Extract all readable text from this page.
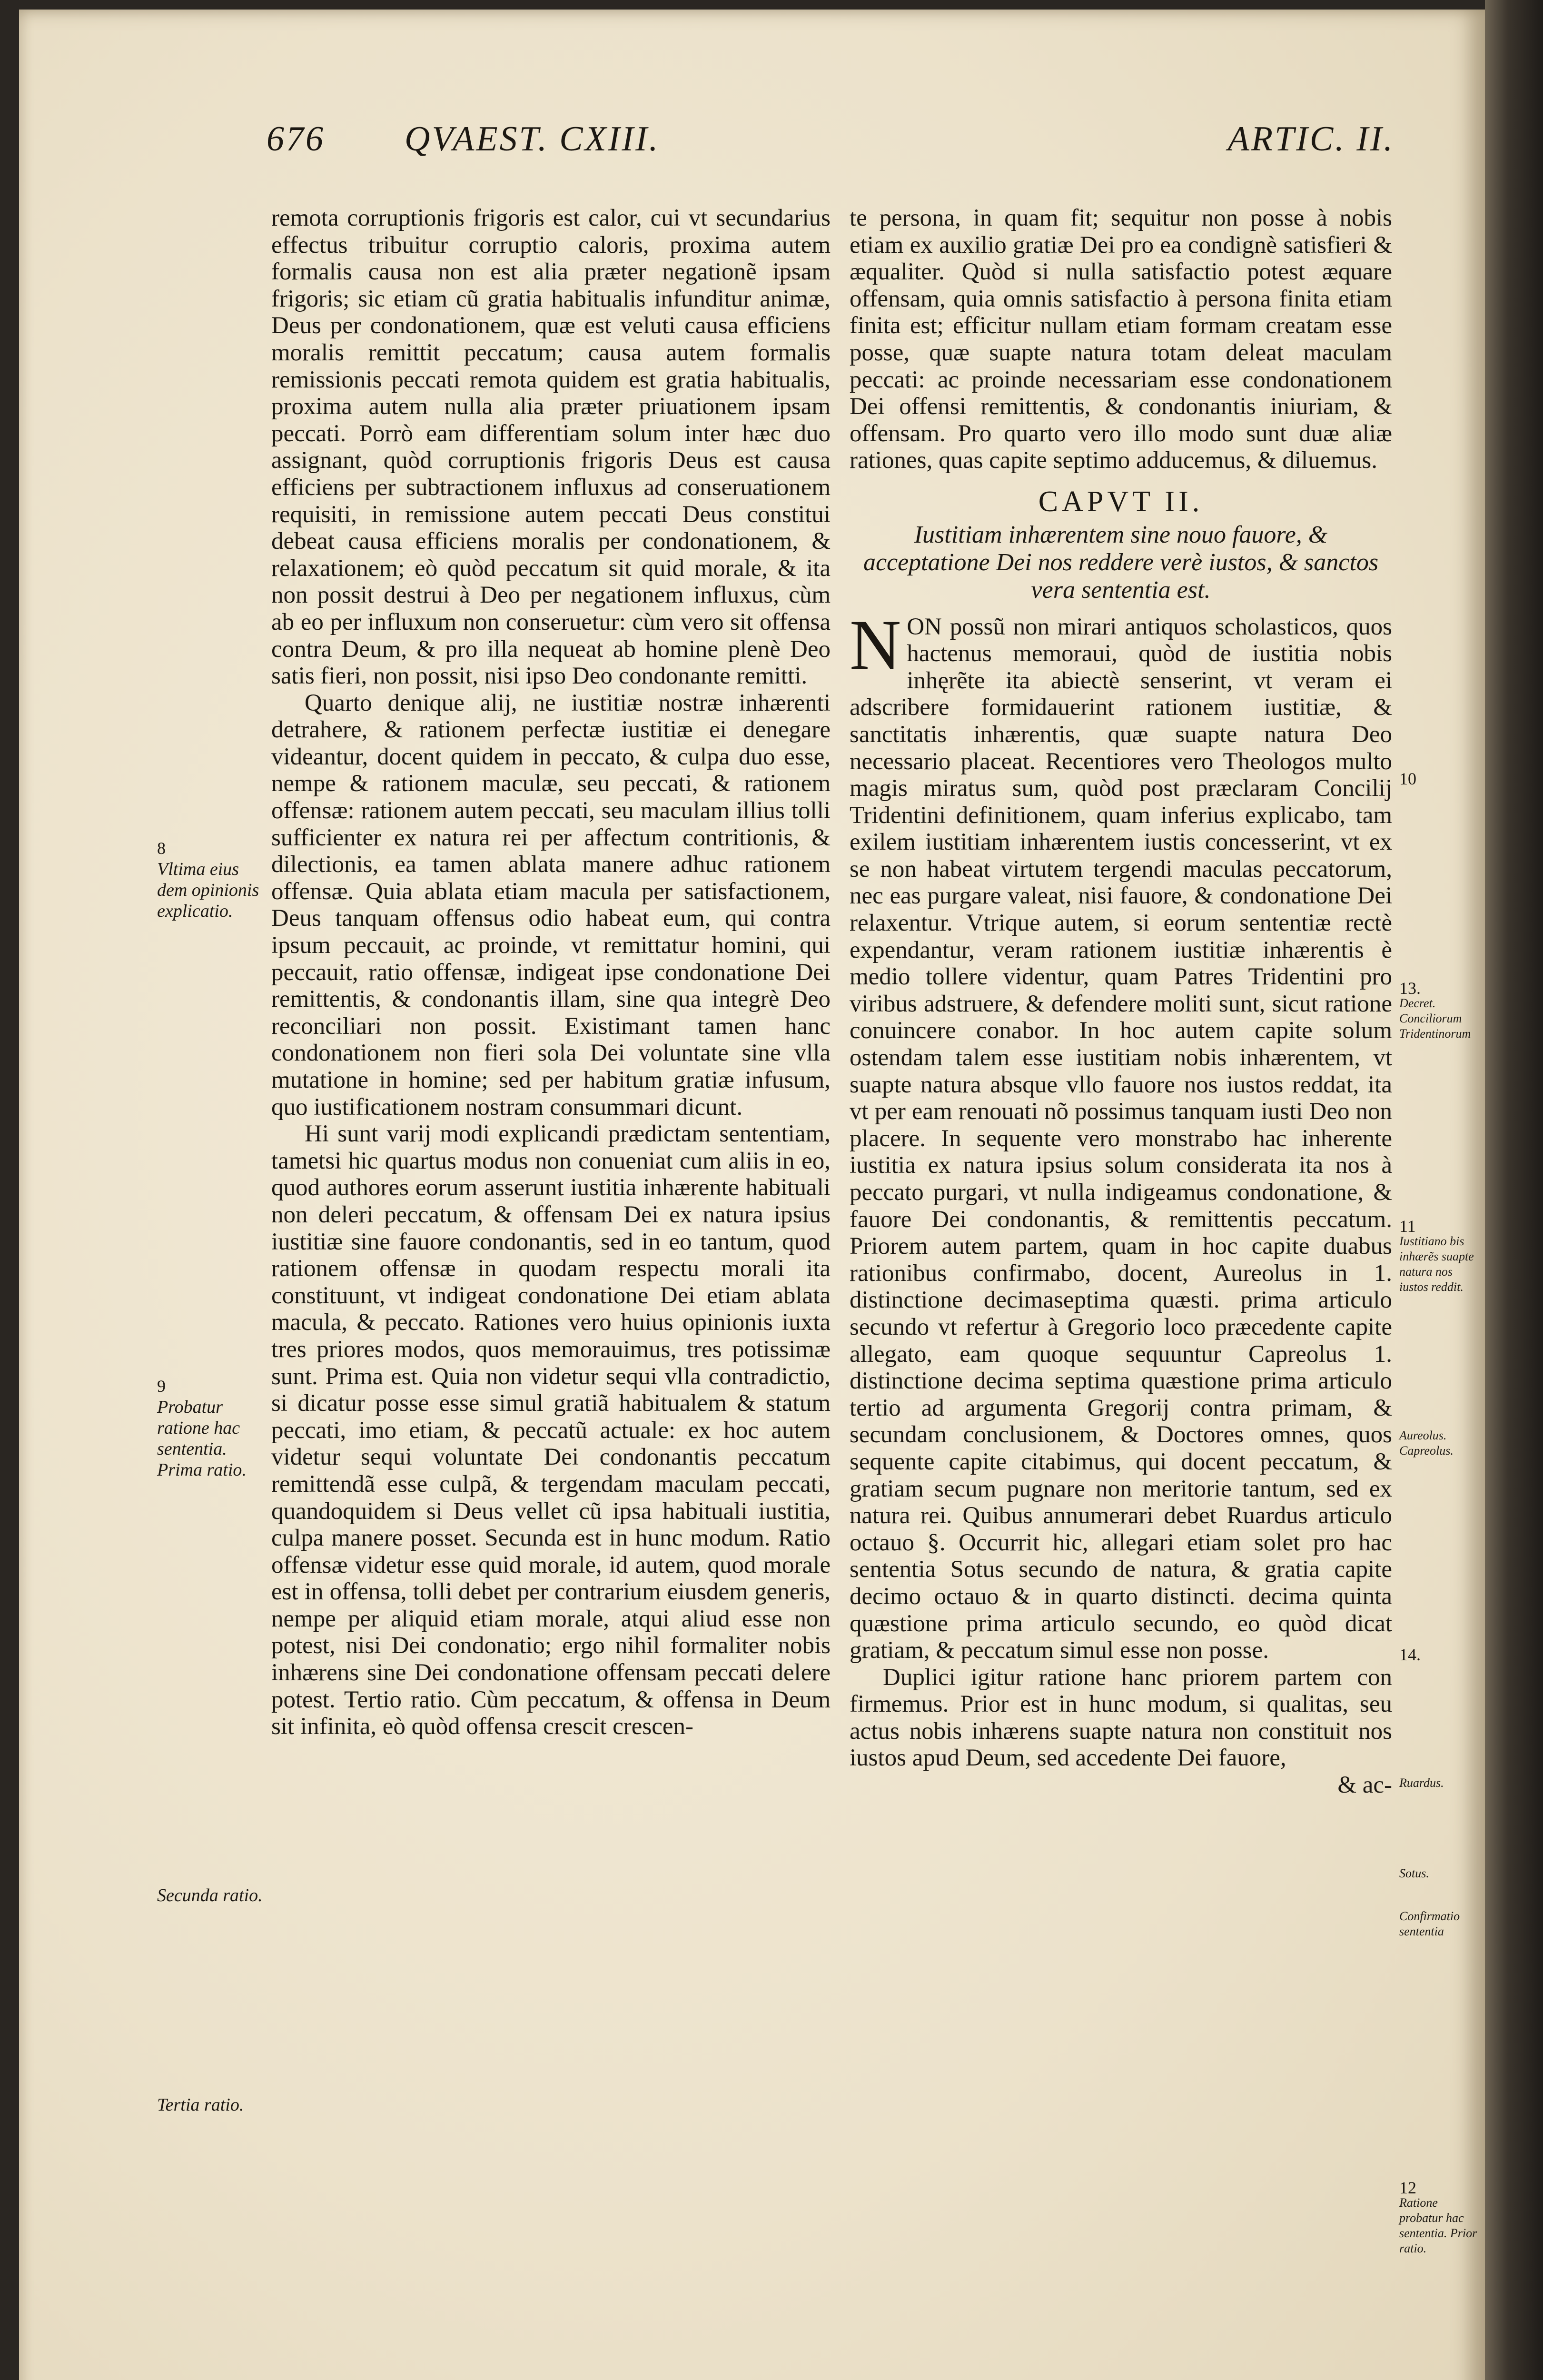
676 QVAEST. CXIII.	ARTIC. II.

remota corruptionis frigoris est calor, cui vt secundarius effectus tribuitur corruptio caloris, proxima autem formalis causa non est alia præter negationẽ ipsam frigoris; sic etiam cũ gratia habitualis infunditur animæ, Deus per condonationem, quæ est veluti causa efficiens moralis remittit peccatum; causa autem formalis remissionis peccati remota quidem est gratia habitualis, proxima autem nulla alia præter priuationem ipsam peccati. Porrò eam differentiam solum inter hæc duo assignant, quòd corruptionis frigoris Deus est causa efficiens per subtractionem influxus ad conseruationem requisiti, in remissione autem peccati Deus constitui debeat causa efficiens moralis per condonationem, & relaxationem; eò quòd peccatum sit quid morale, & ita non possit destrui à Deo per negationem influxus, cùm ab eo per influxum non conseruetur: cùm vero sit offensa contra Deum, & pro illa nequeat ab homine plenè Deo satis fieri, non possit, nisi ipso Deo condonante remitti.

Quarto denique alij, ne iustitiæ nostræ inhærenti detrahere, & rationem perfectæ iustitiæ ei denegare videantur, docent quidem in peccato, & culpa duo esse, nempe & rationem maculæ, seu peccati, & rationem offensæ: rationem autem peccati, seu maculam illius tolli sufficienter ex natura rei per affectum contritionis, & dilectionis, ea tamen ablata manere adhuc rationem offensæ. Quia ablata etiam macula per satisfactionem, Deus tanquam offensus odio habeat eum, qui contra ipsum peccauit, ac proinde, vt remittatur homini, qui peccauit, ratio offensæ, indigeat ipse condonatione Dei remittentis, & condonantis illam, sine qua integrè Deo reconciliari non possit. Existimant tamen hanc condonationem non fieri sola Dei voluntate sine vlla mutatione in homine; sed per habitum gratiæ infusum, quo iustificationem nostram consummari dicunt.

Hi sunt varij modi explicandi prædictam sententiam, tametsi hic quartus modus non conueniat cum aliis in eo, quod authores eorum asserunt iustitia inhærente habituali non deleri peccatum, & offensam Dei ex natura ipsius iustitiæ sine fauore condonantis, sed in eo tantum, quod rationem offensæ in quodam respectu morali ita constituunt, vt indigeat condonatione Dei etiam ablata macula, & peccato. Rationes vero huius opinionis iuxta tres priores modos, quos memorauimus, tres potissimæ sunt. Prima est. Quia non videtur sequi vlla contradictio, si dicatur posse esse simul gratiã habitualem & statum peccati, imo etiam, & peccatũ actuale: ex hoc autem videtur sequi voluntate Dei condonantis peccatum remittendã esse culpã, & tergendam maculam peccati, quandoquidem si Deus vellet cũ ipsa habituali iustitia, culpa manere posset. Secunda est in hunc modum. Ratio offensæ videtur esse quid morale, id autem, quod morale est in offensa, tolli debet per contrarium eiusdem generis, nempe per aliquid etiam morale, atqui aliud esse non potest, nisi Dei condonatio; ergo nihil formaliter nobis inhærens sine Dei condonatione offensam peccati delere potest. Tertio ratio. Cùm peccatum, & offensa in Deum sit infinita, eò quòd offensa crescit crescen-

te persona, in quam fit; sequitur non posse à nobis etiam ex auxilio gratiæ Dei pro ea condignè satisfieri & æqualiter. Quòd si nulla satisfactio potest æquare offensam, quia omnis satisfactio à persona finita etiam finita est; efficitur nullam etiam formam creatam esse posse, quæ suapte natura totam deleat maculam peccati: ac proinde necessariam esse condonationem Dei offensi remittentis, & condonantis iniuriam, & offensam. Pro quarto vero illo modo sunt duæ aliæ rationes, quas capite septimo adducemus, & diluemus.

CAPVT II.
Iustitiam inhærentem sine nouo fauore, & acceptatione Dei nos reddere verè iustos, & sanctos vera sententia est.

NON possũ non mirari antiquos scholasticos, quos hactenus memoraui, quòd de iustitia nobis inhęrẽte ita abiectè senserint, vt veram ei adscribere formidauerint rationem iustitiæ, & sanctitatis inhærentis, quæ suapte natura Deo necessario placeat. Recentiores vero Theologos multo magis miratus sum, quòd post præclaram Concilij Tridentini definitionem, quam inferius explicabo, tam exilem iustitiam inhærentem iustis concesserint, vt ex se non habeat virtutem tergendi maculas peccatorum, nec eas purgare valeat, nisi fauore, & condonatione Dei relaxentur. Vtrique autem, si eorum sententiæ rectè expendantur, veram rationem iustitiæ inhærentis è medio tollere videntur, quam Patres Tridentini pro viribus adstruere, & defendere moliti sunt, sicut ratione conuincere conabor. In hoc autem capite solum ostendam talem esse iustitiam nobis inhærentem, vt suapte natura absque vllo fauore nos iustos reddat, ita vt per eam renouati nõ possimus tanquam iusti Deo non placere. In sequente vero monstrabo hac inherente iustitia ex natura ipsius solum considerata ita nos à peccato purgari, vt nulla indigeamus condonatione, & fauore Dei condonantis, & remittentis peccatum. Priorem autem partem, quam in hoc capite duabus rationibus confirmabo, docent, Aureolus in 1. distinctione decimaseptima quæsti. prima articulo secundo vt refertur à Gregorio loco præcedente capite allegato, eam quoque sequuntur Capreolus 1. distinctione decima septima quæstione prima articulo tertio ad argumenta Gregorij contra primam, & secundam conclusionem, & Doctores omnes, quos sequente capite citabimus, qui docent peccatum, & gratiam secum pugnare non meritorie tantum, sed ex natura rei. Quibus annumerari debet Ruardus articulo octauo §. Occurrit hic, allegari etiam solet pro hac sententia Sotus secundo de natura, & gratia capite decimo octauo & in quarto distincti. decima quinta quæstione prima articulo secundo, eo quòd dicat gratiam, & peccatum simul esse non posse.

Duplici igitur ratione hanc priorem partem con firmemus. Prior est in hunc modum, si qualitas, seu actus nobis inhærens suapte natura non constituit nos iustos apud Deum, sed accedente Dei fauore,

& ac-

8
Vltima eius dem opinionis explicatio.
9
Probatur ratione hac sententia. Prima ratio.
Secunda ratio.
Tertia ratio.
10
13.
Decret. Conciliorum Tridentinorum
11
Iustitiano bis inhærẽs suapte natura nos iustos reddit.
Aureolus. Capreolus.
14.
Ruardus.
Sotus.
Confirmatio sententia
12
Ratione probatur hac sententia. Prior ratio.
